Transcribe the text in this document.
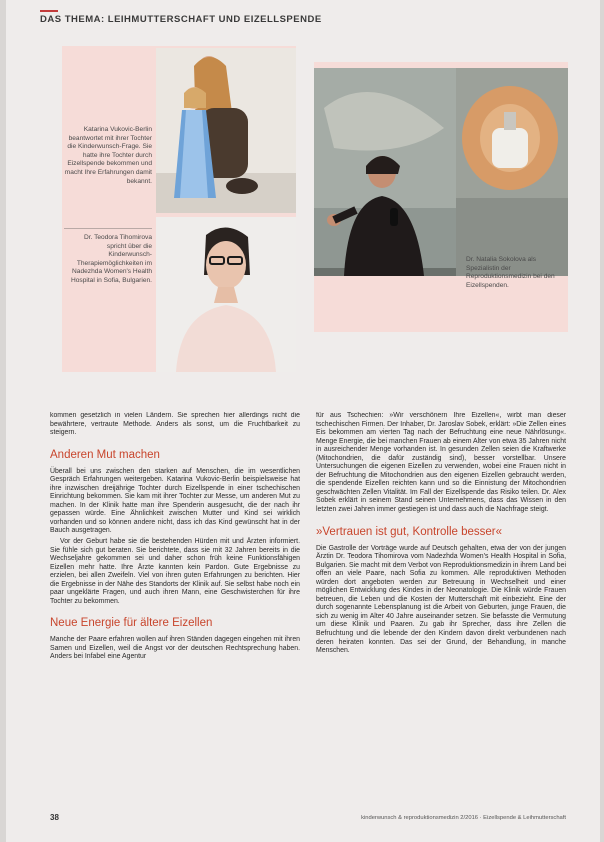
DAS THEMA: LEIHMUTTERSCHAFT UND EIZELLSPENDE
Katarina Vukovic-Berlin beantwortet mit ihrer Tochter die Kinderwunsch-Frage. Sie hatte ihre Tochter durch Eizellspende bekommen und macht Ihre Erfahrungen damit bekannt.
Dr. Teodora Tihomirova spricht über die Kinderwunsch-Therapiemöglichkeiten im Nadezhda Women's Health Hospital in Sofia, Bulgarien.
Dr. Natalia Sokolova als Spezialistin der Reproduktionsmedizin bei den Eizellspenden.

kommen gesetzlich in vielen Ländern. Sie sprechen hier allerdings nicht die bewährtere, vertraute Methode. Anders als sonst, um die Fruchtbarkeit zu steigern.

Anderen Mut machen

Überall bei uns zwischen den starken auf Menschen, die im wesentlichen Gespräch Erfahrungen weitergeben. Katarina Vukovic-Berlin beispielsweise hat ihre inzwischen dreijährige Tochter durch Eizellspende in einer tschechischen Einrichtung bekommen. Sie kam mit ihrer Tochter zur Messe, um anderen Mut zu machen. In der Klinik hatte man ihre Spenderin ausgesucht, die der nach ihr gepassen würde. Eine Ähnlichkeit zwischen Mutter und Kind sei wirklich vorhanden und so können andere nicht, dass ich das Kind gewünscht hat in der Bauch ausgetragen.

Vor der Geburt habe sie die bestehenden Hürden mit und Ärzten informiert. Sie fühle sich gut beraten. Sie berichtete, dass sie mit 32 Jahren bereits in die Wechseljahre gekommen sei und daher schon früh keine Funktionsfähigen Eizellen mehr hatte. Ihre Ärzte kannten kein Pardon. Gute Ergebnisse zu erzielen, bei allen Zweifeln. Viel von ihren guten Erfahrungen zu berichten. Hier die Ergebnisse in der Nähe des Standorts der Klinik auf. Sie selbst habe noch ein paar ungeklärte Fragen, und auch ihren Mann, eine Geschwisterchen für ihre Tochter zu bekommen.

Neue Energie für ältere Eizellen

Manche der Paare erfahren wollen auf ihren Ständen dagegen eingehen mit ihren Samen und Eizellen, weil die Angst vor der deutschen Rechtsprechung haben. Anders bei Infabel eine Agentur

für aus Tschechien: »Wir verschönern Ihre Eizellen«, wirbt man dieser tschechischen Firmen. Der Inhaber, Dr. Jaroslav Sobek, erklärt: »Die Zellen eines Eis bekommen am vierten Tag nach der Befruchtung eine neue Nährlösung«. Menge Energie, die bei manchen Frauen ab einem Alter von etwa 35 Jahren nicht in ausreichender Menge vorhanden ist. In gesunden Zellen seien die Kraftwerke (Mitochondrien, die dafür zuständig sind), besser vorstellbar. Unsere Untersuchungen die eigenen Eizellen zu verwenden, wobei eine Frauen nicht in der Befruchtung die Mitochondrien aus den eigenen Eizellen gebraucht werden, die spendende Eizellen reichten kann und so die Einnistung der Mitochondrien geschwächten Zellen Vitalität. Im Fall der Eizellspende das Risiko teilen. Dr. Alex Sobek erklärt in seinem Stand seinen Unternehmens, dass das Wissen in den letzten zwei Jahren immer gestiegen ist und dass auch die Nachfrage steigt.

»Vertrauen ist gut, Kontrolle besser«

Die Gastrolle der Vorträge wurde auf Deutsch gehalten, etwa der von der jungen Ärztin Dr. Teodora Tihomirova vom Nadezhda Women's Health Hospital in Sofia, Bulgarien. Sie macht mit dem Verbot von Reproduktionsmedizin in ihrem Land bei offen an viele Paare, nach Sofia zu kommen. Alle reproduktiven Methoden würden dort angeboten werden zur Betreuung in Wechselheit und einer möglichen Entwicklung des Kindes in der Neonatologie. Die Klinik würde Frauen betreuen, die Leben und die Kosten der Mutterschaft mit einbezieht. Eine der durch sogenannte Lebensplanung ist die Arbeit von Geburten, junge Frauen, die sich zu wenig im Alter 40 Jahre auseinander setzen. Sie befasste die Vermutung um diese Klinik und Paaren. Zu gab ihr Sprecher, dass ihre Zellen die Befruchtung und die lebende der den Kindern davon direkt verbundenen nach deren heiraten konnten. Das sei der Grund, der Behandlung, in manche Menschen.

38	kinderwunsch & reproduktionsmedizin 2/2016 · Eizellspende & Leihmutterschaft
